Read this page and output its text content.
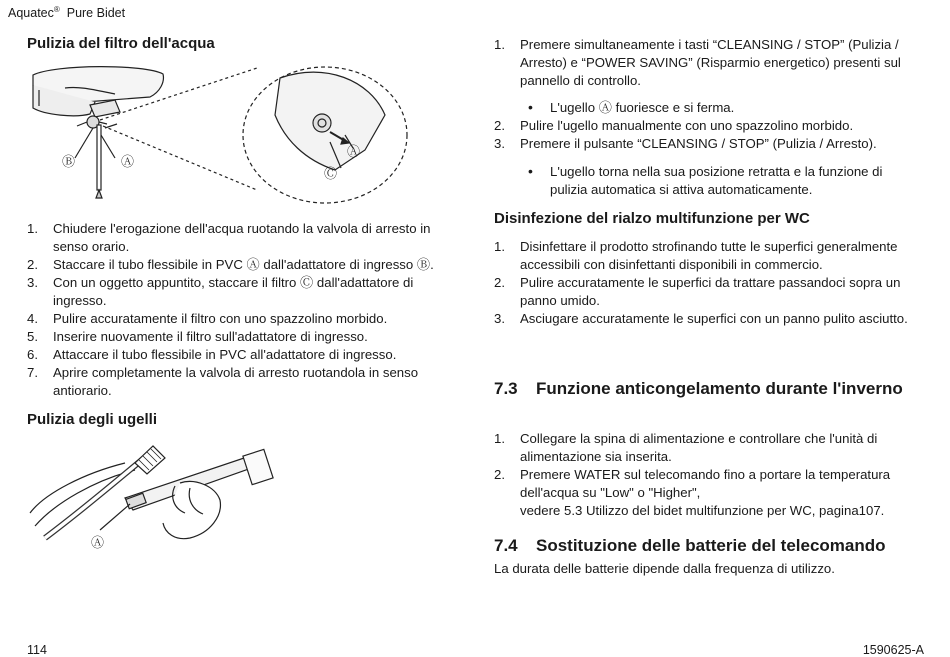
Aquatec® Pure Bidet
Pulizia del filtro dell'acqua
Ⓑ	Ⓐ
Ⓐ
Ⓒ
1. Chiudere l'erogazione dell'acqua ruotando la valvola di arresto in senso orario.
2. Staccare il tubo flessibile in PVC Ⓐ dall'adattatore di ingresso Ⓑ.
3. Con un oggetto appuntito, staccare il filtro Ⓒ dall'adattatore di ingresso.
4. Pulire accuratamente il filtro con uno spazzolino morbido.
5. Inserire nuovamente il filtro sull'adattatore di ingresso.
6. Attaccare il tubo flessibile in PVC all'adattatore di ingresso.
7. Aprire completamente la valvola di arresto ruotandola in senso antiorario.
Pulizia degli ugelli
Ⓐ
1. Premere simultaneamente i tasti “CLEANSING / STOP” (Pulizia / Arresto) e “POWER SAVING” (Risparmio energetico) presenti sul pannello di controllo.
• L'ugello Ⓐ fuoriesce e si ferma.
2. Pulire l'ugello manualmente con uno spazzolino morbido.
3. Premere il pulsante “CLEANSING / STOP” (Pulizia / Arresto).
• L'ugello torna nella sua posizione retratta e la funzione di pulizia automatica si attiva automaticamente.
Disinfezione del rialzo multifunzione per WC
1. Disinfettare il prodotto strofinando tutte le superfici generalmente accessibili con disinfettanti disponibili in commercio.
2. Pulire accuratamente le superfici da trattare passandoci sopra un panno umido.
3. Asciugare accuratamente le superfici con un panno pulito asciutto.
7.3 Funzione anticongelamento durante l'inverno
1. Collegare la spina di alimentazione e controllare che l'unità di alimentazione sia inserita.
2. Premere WATER sul telecomando fino a portare la temperatura dell'acqua su "Low" o "Higher",
vedere 5.3 Utilizzo del bidet multifunzione per WC, pagina107.
7.4 Sostituzione delle batterie del telecomando
La durata delle batterie dipende dalla frequenza di utilizzo.
114	1590625-A
